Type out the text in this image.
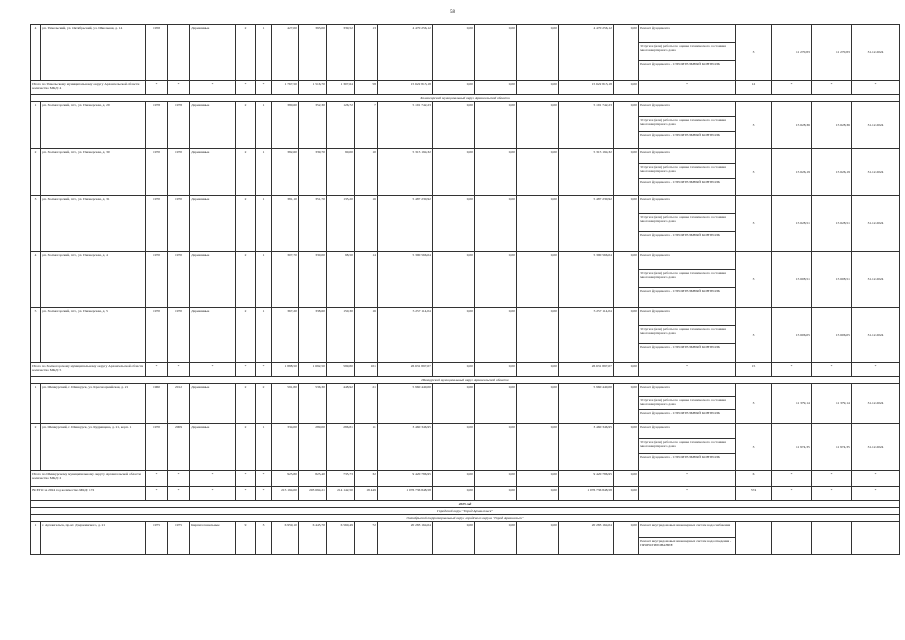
58
4	рп. Уемельский, ул. Октябрьский, ул. Школьная, д. 14	1958		Деревянные	2	1	427,00	393,00	339,52	13	4 470 256,12	0,00	0,00	0,00	4 470 256,12	0,00	Ремонт фундамента	3	11 270,83	11 270,83	31.12.2024
																	Услуги и (или) работы по оценке технического состояния многоквартирного дома				
																	Ремонт фундамента - СТРОИТЕЛЬНЫЙ КОНТРОЛЬ				
Итого по Уемельскому муниципальному округу Архангельской области количество МКД: 4		*	*	*	*	*	1 767,50	1 516,70	1 307,64	58	15 622 813,18	0,00	0,00	0,00	15 622 813,18	0,00	*	12	*	*	*
Холмогорский муниципальный округ Архангельской области																					
1	рп. Холмогорский, пгт., ул. Пионерская, д. 29	1978	1978	Деревянные	2	1	380,60	352,30	126,72	7	5 191 742,23	0,00	0,00	0,00	5 191 742,23	0,00	Ремонт фундамента	3	15 628,36	15 628,36	31.12.2024
																	Услуги и (или) работы по оценке технического состояния многоквартирного дома				
																	Ремонт фундамента - СТРОИТЕЛЬНЫЙ КОНТРОЛЬ				
2	рп. Холмогорский, пгт., ул. Пионерская, д. 30	1970	1970	Деревянные	2	1	382,60	339,70	90,00	10	5 315 194,32	0,00	0,00	0,00	5 315 194,32	0,00	Ремонт фундамента	3	15 626,19	15 626,19	31.12.2024
																	Услуги и (или) работы по оценке технического состояния многоквартирного дома				
																	Ремонт фундамента - СТРОИТЕЛЬНЫЙ КОНТРОЛЬ				
3	рп. Холмогорский, пгт., ул. Пионерская, д. 31	1970	1970	Деревянные	2	1	381,10	351,70	135,20	16	5 487 230,92	0,00	0,00	0,00	5 487 230,92	0,00	Ремонт фундамента	3	15 628,51	15 628,51	31.12.2024
																	Услуги и (или) работы по оценке технического состояния многоквартирного дома				
																	Ремонт фундамента - СТРОИТЕЛЬНЫЙ КОНТРОЛЬ				
4	рп. Холмогорский, пгт., ул. Пионерская, д. 4	1970	1970	Деревянные	2	1	307,70	330,00	98,50	14	5 390 566,04	0,00	0,00	0,00	5 390 566,04	0,00	Ремонт фундамента	3	15 608,51	15 608,51	31.12.2024
																	Услуги и (или) работы по оценке технического состояния многоквартирного дома				
																	Ремонт фундамента - СТРОИТЕЛЬНЫЙ КОНТРОЛЬ				
5	рп. Холмогорский, пгт., ул. Пионерская, д. 5	1970	1970	Деревянные	2	1	367,20	338,60	150,30	16	5 257 114,04	0,00	0,00	0,00	5 257 114,04	0,00	Ремонт фундамента	3	15 606,05	15 606,05	31.12.2024
																	Услуги и (или) работы по оценке технического состояния многоквартирного дома				
																	Ремонт фундамента - СТРОИТЕЛЬНЫЙ КОНТРОЛЬ				
Итого по Холмогорскому муниципальному округу Архангельской области количество МКД: 5		*	*	*	*	*	1 888,50	1 692,50	599,80	101	26 631 897,07	0,00	0,00	0,00	26 631 897,07	0,00	*	15	*	*	*
Шенкурский муниципальный округ Архангельской области																					
1	рп. Шенкурский, г. Шенкурск, ул. Красноармейская, д. 21	1960	2012	Деревянные	2	2	591,80	536,30	448,92	21	5 960 440,00	0,00	0,00	0,00	5 960 440,00	0,00	Ремонт фундамента	3	11 379,14	11 379,14	31.12.2024
																	Услуги и (или) работы по оценке технического состояния многоквартирного дома				
																	Ремонт фундамента - СТРОИТЕЛЬНЫЙ КОНТРОЛЬ				
2	рп. Шенкурский, г. Шенкурск, ул. Кудрявцева, д. 21, корп. 1	1970	2009	Деревянные	2	1	334,00	289,00	286,81	11	3 460 346,95	0,00	0,00	0,00	3 460 346,95	0,00	Ремонт фундамента	3	11 974,35	11 974,35	31.12.2024
																	Услуги и (или) работы по оценке технического состояния многоквартирного дома				
																	Ремонт фундамента - СТРОИТЕЛЬНЫЙ КОНТРОЛЬ				
Итого по Шенкурскому муниципальному округу Архангельской области количество МКД: 2		*	*	*	*	*	925,80	825,40	735,73	32	9 420 786,95	0,00	0,00	0,00	9 420 786,95	0,00	*	6	*	*	*
ВСЕГО за 2024 год количество МКД: 172		*	*	*	*	*	215 194,00	203 694,21	214 142,50	18 449	1 076 736 848,58	0,00	0,00	0,00	1 076 736 848,58	0,00	*	574	*	*	*
2025 год																					
Городской округ "Город Архангельск"																					
Октябрьский территориальный округ городского округа "Город Архангельск"																					
1	г. Архангельск, пр-кт. Дзержинского, д. 21	1975	1975	Кирпич панельные	9	3	6 959,10	6 445,70	6 560,49	72	20 283 164,04	0,00	0,00	0,00	20 283 164,04	0,00	Ремонт внутридомовых инженерных систем водоснабжения				
																	Ремонт внутридомовых инженерных систем водоотведения - ПРОЕКТИРОВАНИЕ				
